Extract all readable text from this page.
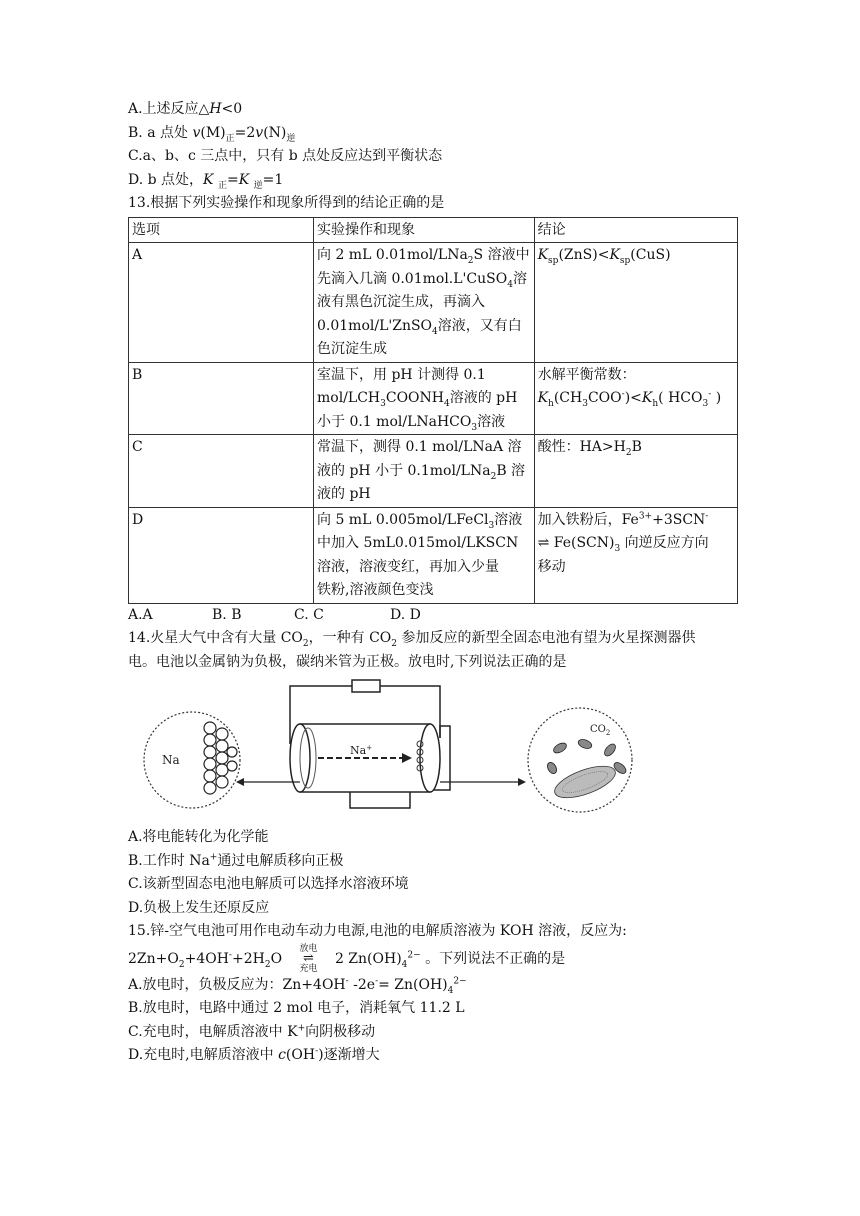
A.上述反应△H<0
B. a 点处 $v(M)_正=2v(N)_逆$
C.a、b、c 三点中，只有 b 点处反应达到平衡状态
D. b 点处，K $_正$=K $_逆$=1
13.根据下列实验操作和现象所得到的结论正确的是
选项	实验操作和现象	结论
A	向 2 mL 0.01mol/LNa$_2$S 溶液中
先滴入几滴 0.01mol.L'CuSO$_4$溶
液有黑色沉淀生成，再滴入
0.01mol/L'ZnSO$_4$溶液，又有白
色沉淀生成	$K_{sp}(ZnS)<K_{sp}(CuS)$

B	室温下，用 pH 计测得 0.1
mol/$LCH_3COONH_4$溶液的 pH
小于 0.1 mol/LNaHCO$_3$溶液	水解平衡常数：
$K_h(CH_3COO^-)<K_h$( $HCO_3^-$ )

C	常温下，测得 0.1 mol/LNaA 溶
液的 pH 小于 0.1mol/LNa$_2$B 溶
液的 pH	酸性：$HA>H_2B$

D	向 5 mL 0.005mol/LFeCl$_3$溶液
中加入 5mL0.015mol/LKSCN
溶液，溶液变红，再加入少量
铁粉,溶液颜色变浅	加入铁粉后，$Fe^{3+}+3SCN^-$
⇌ $Fe(SCN)_3$ 向逆反应方向
移动
A.A	B. B	C. C	D. D
14.火星大气中含有大量 $CO_2$，一种有 $CO_2$ 参加反应的新型全固态电池有望为火星探测器供
电。电池以金属钠为负极，碳纳米管为正极。放电时,下列说法正确的是
Na+
Na
$CO_2$
A.将电能转化为化学能
B.工作时 Na+通过电解质移向正极
C.该新型固态电池电解质可以选择水溶液环境
D.负极上发生还原反应
15.锌-空气电池可用作电动车动力电源,电池的电解质溶液为 KOH 溶液，反应为:
$2Zn+O_2+4OH^-+2H_2O$
放电
⇌
充电
2 $Zn(OH)_4^{2-}$ 。下列说法不正确的是
A.放电时，负极反应为：Zn+4OH- $-2e^-= Zn(OH)_4^{2-}$
B.放电时，电路中通过 2 mol 电子，消耗氧气 11.2 L
C.充电时，电解质溶液中 K+向阴极移动
D.充电时,电解质溶液中 c(OH-)逐渐增大
